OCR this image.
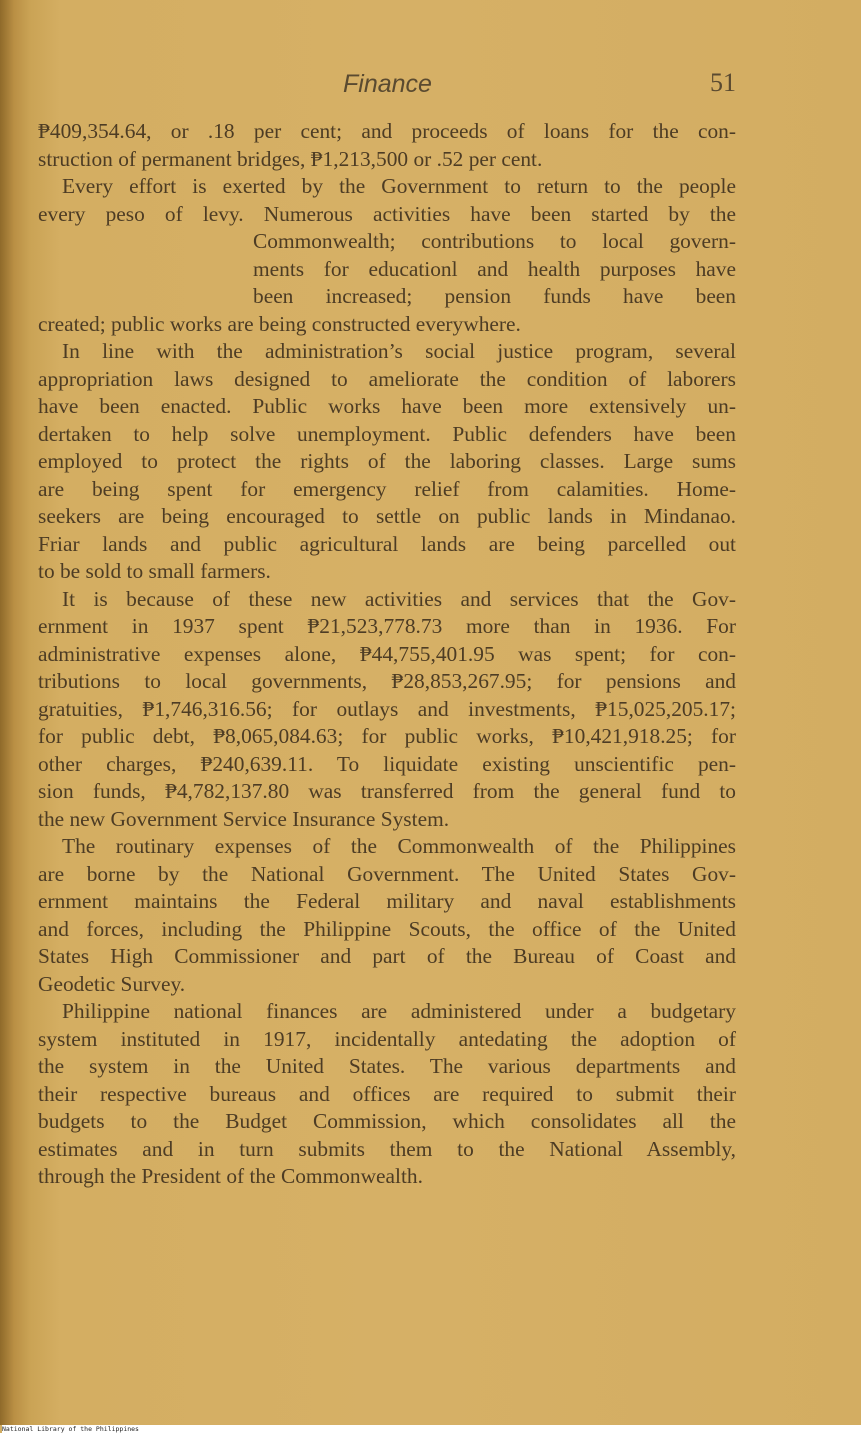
Finance	51
₱409,354.64, or .18 per cent; and proceeds of loans for the con-
struction of permanent bridges, ₱1,213,500 or .52 per cent.
Every effort is exerted by the Government to return to the people
every peso of levy. Numerous activities have been started by the
Commonwealth; contributions to local govern-
ments for educationl and health purposes have
been increased; pension funds have been
created; public works are being constructed everywhere.
In line with the administration’s social justice program, several
appropriation laws designed to ameliorate the condition of laborers
have been enacted. Public works have been more extensively un-
dertaken to help solve unemployment. Public defenders have been
employed to protect the rights of the laboring classes. Large sums
are being spent for emergency relief from calamities. Home-
seekers are being encouraged to settle on public lands in Mindanao.
Friar lands and public agricultural lands are being parcelled out
to be sold to small farmers.
It is because of these new activities and services that the Gov-
ernment in 1937 spent ₱21,523,778.73 more than in 1936. For
administrative expenses alone, ₱44,755,401.95 was spent; for con-
tributions to local governments, ₱28,853,267.95; for pensions and
gratuities, ₱1,746,316.56; for outlays and investments, ₱15,025,205.17;
for public debt, ₱8,065,084.63; for public works, ₱10,421,918.25; for
other charges, ₱240,639.11. To liquidate existing unscientific pen-
sion funds, ₱4,782,137.80 was transferred from the general fund to
the new Government Service Insurance System.
The routinary expenses of the Commonwealth of the Philippines
are borne by the National Government. The United States Gov-
ernment maintains the Federal military and naval establishments
and forces, including the Philippine Scouts, the office of the United
States High Commissioner and part of the Bureau of Coast and
Geodetic Survey.
Philippine national finances are administered under a budgetary
system instituted in 1917, incidentally antedating the adoption of
the system in the United States. The various departments and
their respective bureaus and offices are required to submit their
budgets to the Budget Commission, which consolidates all the
estimates and in turn submits them to the National Assembly,
through the President of the Commonwealth.
National Library of the Philippines
